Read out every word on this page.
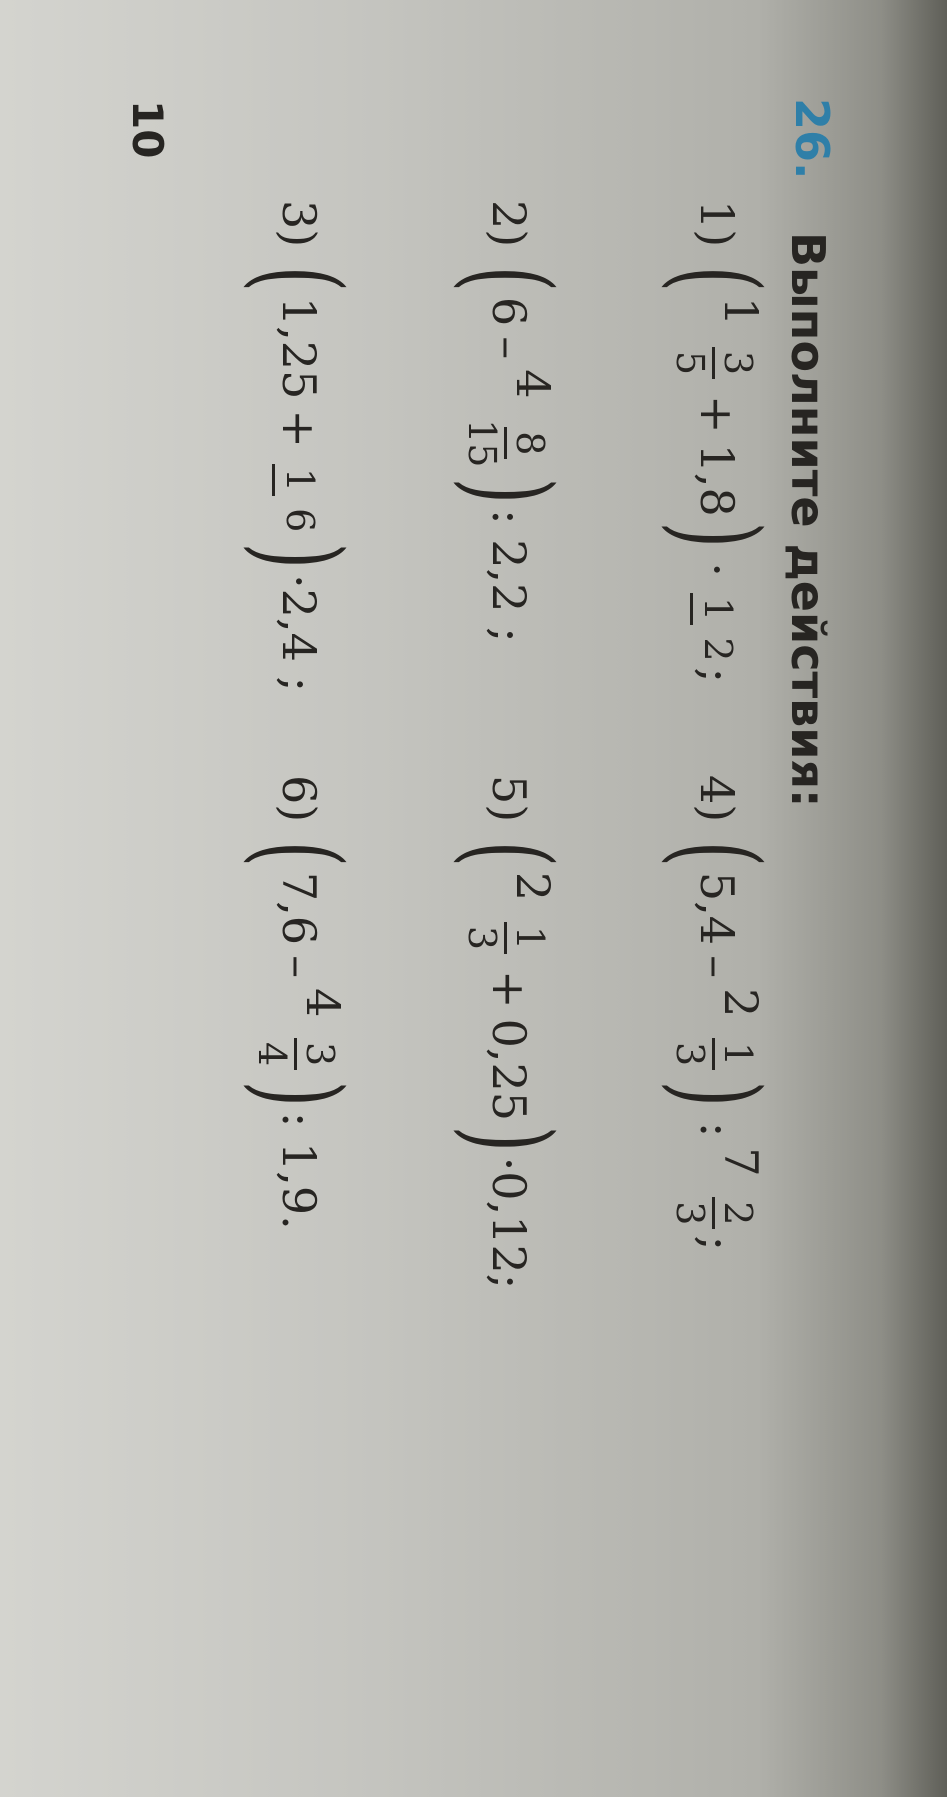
26.
Выполните действия:
10
1)
(
1
3
5
+
1,8
)
·
$\frac{1}{2}$
;
2)
(
6
–
4
8
15
)
: 2,2 ;
3)
(
1,25
+
$\frac{1}{6}$
)
·2,4 ;
4)
(
5,4
–
2
1
3
)
:
7
2
3
;
5)
(
2
1
3
+
0,25
)
·0,12;
6)
(
7,6
–
4
3
4
)
: 1,9.
